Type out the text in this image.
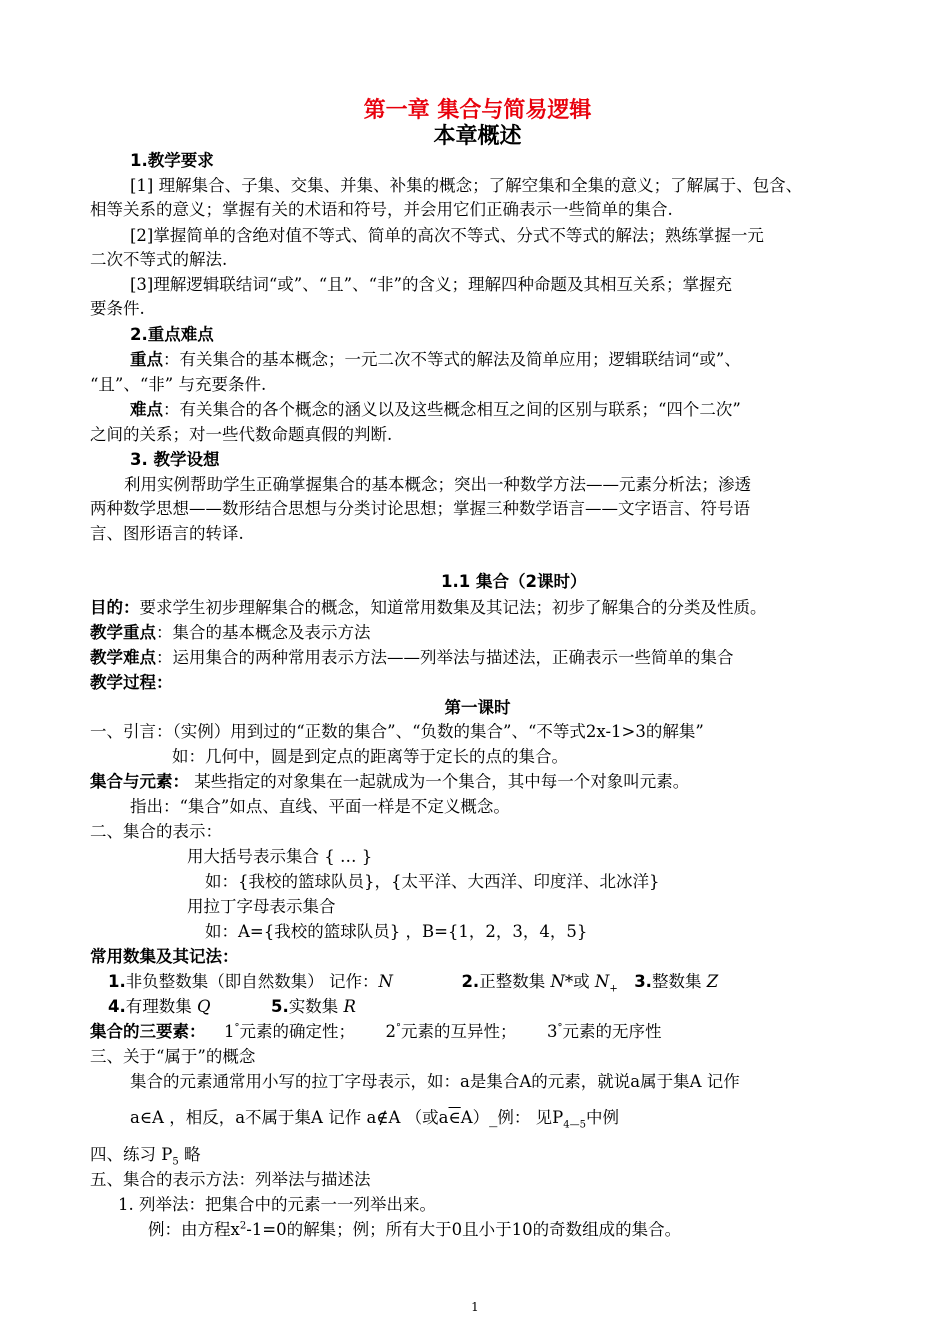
第一章 集合与简易逻辑
本章概述
1.教学要求
[1] 理解集合、子集、交集、并集、补集的概念；了解空集和全集的意义；了解属于、包含、
相等关系的意义；掌握有关的术语和符号，并会用它们正确表示一些简单的集合.
[2]掌握简单的含绝对值不等式、简单的高次不等式、分式不等式的解法；熟练掌握一元
二次不等式的解法.
[3]理解逻辑联结词“或”、“且”、“非”的含义；理解四种命题及其相互关系；掌握充
要条件.
2.重点难点
重点：有关集合的基本概念；一元二次不等式的解法及简单应用；逻辑联结词“或”、
“且”、“非” 与充要条件.
难点：有关集合的各个概念的涵义以及这些概念相互之间的区别与联系；“四个二次”
之间的关系；对一些代数命题真假的判断.
3. 教学设想
利用实例帮助学生正确掌握集合的基本概念；突出一种数学方法——元素分析法；渗透
两种数学思想——数形结合思想与分类讨论思想；掌握三种数学语言——文字语言、符号语
言、图形语言的转译.
1.1 集合（2课时）
目的：要求学生初步理解集合的概念，知道常用数集及其记法；初步了解集合的分类及性质。
教学重点：集合的基本概念及表示方法
教学难点：运用集合的两种常用表示方法——列举法与描述法，正确表示一些简单的集合
教学过程：
第一课时
一、引言：（实例）用到过的“正数的集合”、“负数的集合”、“不等式2x-1>3的解集”
如：几何中，圆是到定点的距离等于定长的点的集合。
集合与元素： 某些指定的对象集在一起就成为一个集合，其中每一个对象叫元素。
指出：“集合”如点、直线、平面一样是不定义概念。
二、集合的表示：
用大括号表示集合 { … }
如：{我校的篮球队员}，{太平洋、大西洋、印度洋、北冰洋}
用拉丁字母表示集合
如：A={我校的篮球队员} ，B={1，2，3，4，5}
常用数集及其记法：
1.非负整数集（即自然数集） 记作：N	2.正整数集 N*或 $N_+$ 3.整数集 Z
4.有理数集 Q	5.实数集 R
集合的三要素： 1°元素的确定性； 2°元素的互异性； 3°元素的无序性
三、关于“属于”的概念
集合的元素通常用小写的拉丁字母表示，如：a是集合A的元素，就说a属于集A 记作
a∈A ，相反，a不属于集A 记作 a∉A （或a∈A）_例： 见$P_{4—5}$中例
四、练习 $P_5$ 略
五、集合的表示方法：列举法与描述法
1. 列举法：把集合中的元素一一列举出来。
例：由方程$x^2-1=0$的解集；例；所有大于0且小于10的奇数组成的集合。
1
